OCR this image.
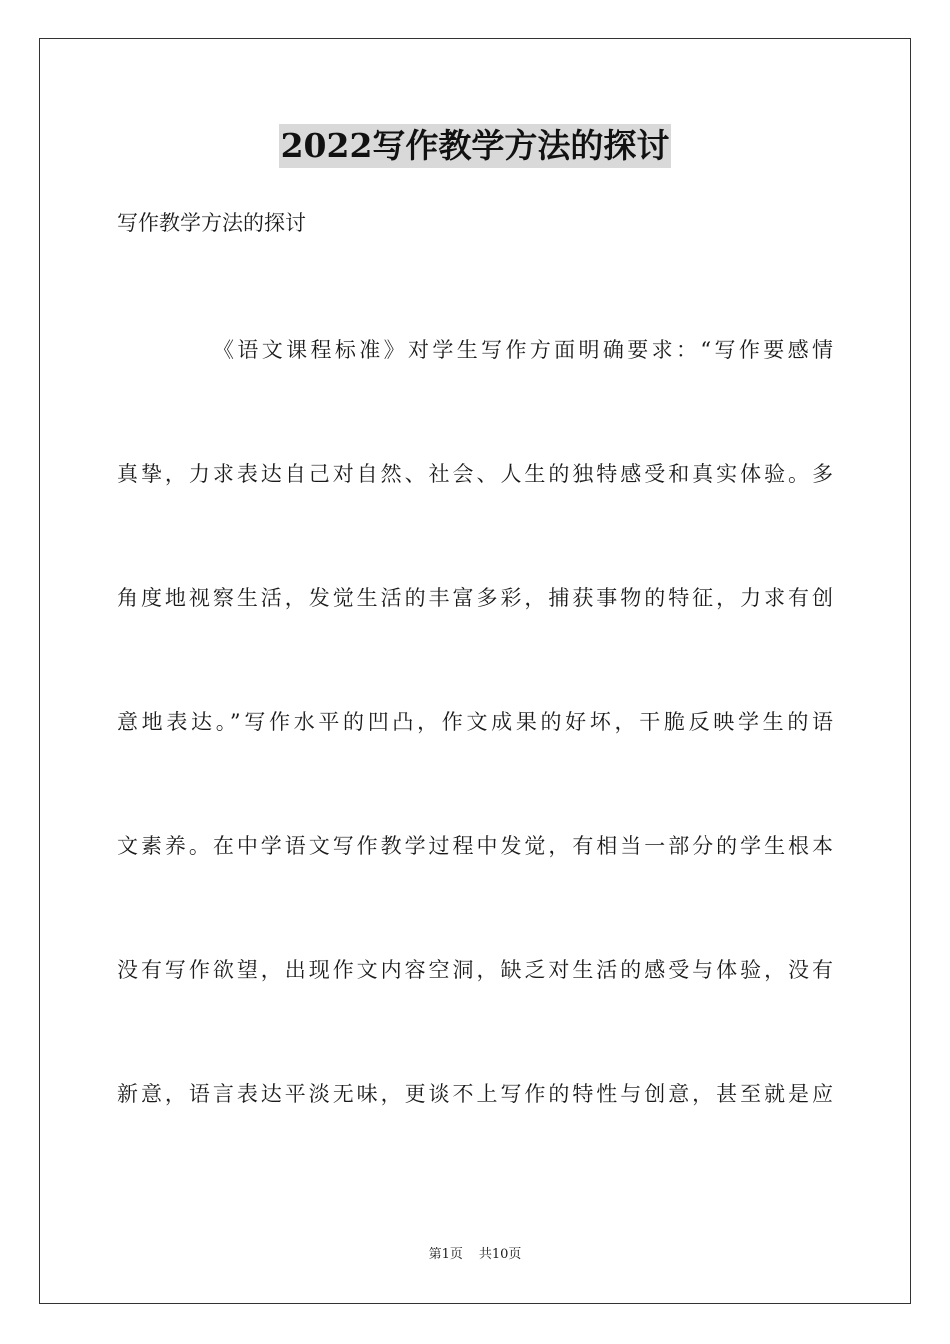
2022写作教学方法的探讨
写作教学方法的探讨
《语文课程标准》对学生写作方面明确要求：“写作要感情
真挚，力求表达自己对自然、社会、人生的独特感受和真实体验。多
角度地视察生活，发觉生活的丰富多彩，捕获事物的特征，力求有创
意地表达。”写作水平的凹凸，作文成果的好坏，干脆反映学生的语
文素养。在中学语文写作教学过程中发觉，有相当一部分的学生根本
没有写作欲望，出现作文内容空洞，缺乏对生活的感受与体验，没有
新意，语言表达平淡无味，更谈不上写作的特性与创意，甚至就是应
第1页 共10页
